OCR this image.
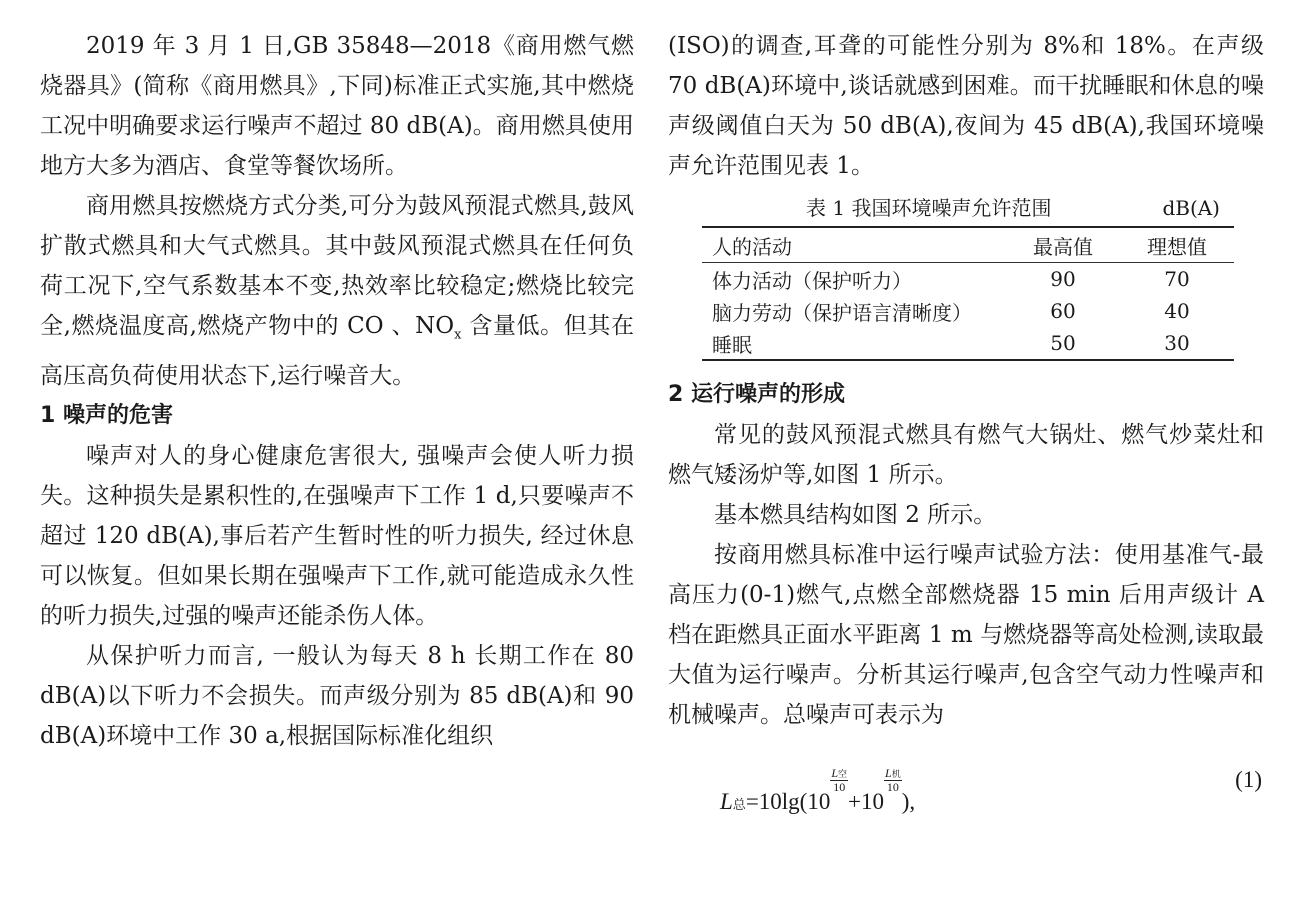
2019 年 3 月 1 日,GB 35848—2018《商用燃气燃烧器具》(简称《商用燃具》,下同)标准正式实施,其中燃烧工况中明确要求运行噪声不超过 80 dB(A)。商用燃具使用地方大多为酒店、食堂等餐饮场所。

商用燃具按燃烧方式分类,可分为鼓风预混式燃具,鼓风扩散式燃具和大气式燃具。其中鼓风预混式燃具在任何负荷工况下,空气系数基本不变,热效率比较稳定;燃烧比较完全,燃烧温度高,燃烧产物中的 CO 、$NO_x$ 含量低。但其在高压高负荷使用状态下,运行噪音大。

1 噪声的危害

噪声对人的身心健康危害很大, 强噪声会使人听力损失。这种损失是累积性的,在强噪声下工作 1 d,只要噪声不超过 120 dB(A),事后若产生暂时性的听力损失, 经过休息可以恢复。但如果长期在强噪声下工作,就可能造成永久性的听力损失,过强的噪声还能杀伤人体。

从保护听力而言, 一般认为每天 8 h 长期工作在 80 dB(A)以下听力不会损失。而声级分别为 85 dB(A)和 90 dB(A)环境中工作 30 a,根据国际标准化组织

(ISO)的调查,耳聋的可能性分别为 8%和 18%。在声级 70 dB(A)环境中,谈话就感到困难。而干扰睡眠和休息的噪声级阈值白天为 50 dB(A),夜间为 45 dB(A),我国环境噪声允许范围见表 1。

表 1 我国环境噪声允许范围	dB(A)
人的活动	最高值	理想值
体力活动（保护听力）	90	70
脑力劳动（保护语言清晰度）	60	40
睡眠	50	30
2 运行噪声的形成

常见的鼓风预混式燃具有燃气大锅灶、燃气炒菜灶和燃气矮汤炉等,如图 1 所示。

基本燃具结构如图 2 所示。

按商用燃具标准中运行噪声试验方法：使用基准气-最高压力(0-1)燃气,点燃全部燃烧器 15 min 后用声级计 A 档在距燃具正面水平距离 1 m 与燃烧器等高处检测,读取最大值为运行噪声。分析其运行噪声,包含空气动力性噪声和机械噪声。总噪声可表示为

L总=10lg(10
$\frac{\text{L空}}{10}$
+10
$\frac{\text{L机}}{10}$
),
(1)
